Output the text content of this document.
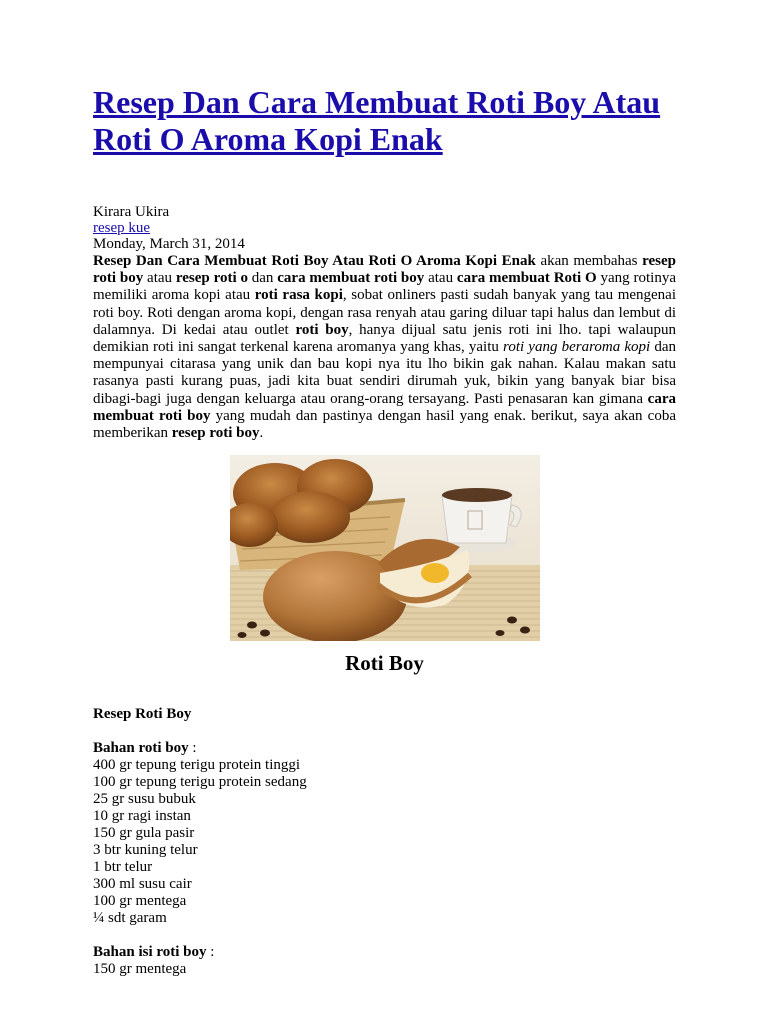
Resep Dan Cara Membuat Roti Boy Atau Roti O Aroma Kopi Enak
Kirara Ukira
resep kue
Monday, March 31, 2014
Resep Dan Cara Membuat Roti Boy Atau Roti O Aroma Kopi Enak akan membahas resep roti boy atau resep roti o dan cara membuat roti boy atau cara membuat Roti O yang rotinya memiliki aroma kopi atau roti rasa kopi, sobat onliners pasti sudah banyak yang tau mengenai roti boy. Roti dengan aroma kopi, dengan rasa renyah atau garing diluar tapi halus dan lembut di dalamnya. Di kedai atau outlet roti boy, hanya dijual satu jenis roti ini lho. tapi walaupun demikian roti ini sangat terkenal karena aromanya yang khas, yaitu roti yang beraroma kopi dan mempunyai citarasa yang unik dan bau kopi nya itu lho bikin gak nahan. Kalau makan satu rasanya pasti kurang puas, jadi kita buat sendiri dirumah yuk, bikin yang banyak biar bisa dibagi-bagi juga dengan keluarga atau orang-orang tersayang. Pasti penasaran kan gimana cara membuat roti boy yang mudah dan pastinya dengan hasil yang enak. berikut, saya akan coba memberikan resep roti boy.
Roti Boy

Resep Roti Boy

Bahan roti boy :

400 gr tepung terigu protein tinggi
100 gr tepung terigu protein sedang
25 gr susu bubuk
10 gr ragi instan
150 gr gula pasir
3 btr kuning telur
1 btr telur
300 ml susu cair
100 gr mentega
¼ sdt garam

Bahan isi roti boy :

150 gr mentega
